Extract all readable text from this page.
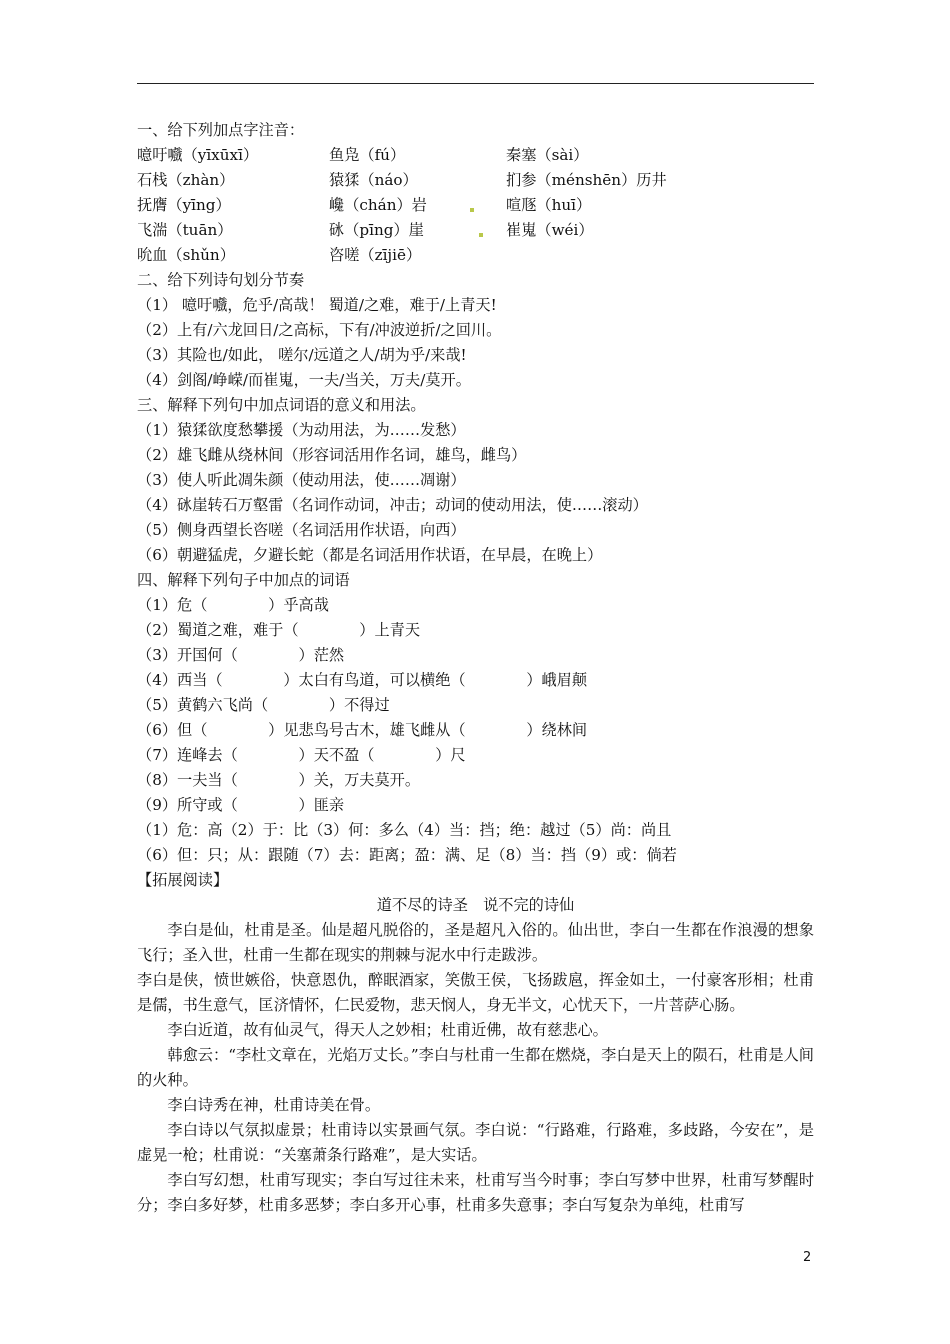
一、给下列加点字注音：
噫吁嚱（yīxūxī）	鱼凫（fú）	秦塞（sài）
石栈（zhàn）	猿猱（náo）	扪参（ménshēn）历井
抚膺（yīng）	巉（chán）岩	喧豗（huī）
飞湍（tuān）	砯（pīng）崖	崔嵬（wéi）
吮血（shǔn）	咨嗟（zījiē）
二、给下列诗句划分节奏
（1） 噫吁嚱，危乎/高哉！ 蜀道/之难，难于/上青天!
（2）上有/六龙回日/之高标，下有/冲波逆折/之回川。
（3）其险也/如此， 嗟尔/远道之人/胡为乎/来哉!
（4）剑阁/峥嵘/而崔嵬，一夫/当关，万夫/莫开。
三、解释下列句中加点词语的意义和用法。
（1）猿猱欲度愁攀援（为动用法，为……发愁）
（2）雄飞雌从绕林间（形容词活用作名词，雄鸟，雌鸟）
（3）使人听此凋朱颜（使动用法，使……凋谢）
（4）砯崖转石万壑雷（名词作动词，冲击；动词的使动用法，使……滚动）
（5）侧身西望长咨嗟（名词活用作状语，向西）
（6）朝避猛虎，夕避长蛇（都是名词活用作状语，在早晨，在晚上）
四、解释下列句子中加点的词语
（1）危（　　　　）乎高哉
（2）蜀道之难，难于（　　　　）上青天
（3）开国何（　　　　）茫然
（4）西当（　　　　）太白有鸟道，可以横绝（　　　　）峨眉颠
（5）黄鹤六飞尚（　　　　）不得过
（6）但（　　　　）见悲鸟号古木，雄飞雌从（　　　　）绕林间
（7）连峰去（　　　　）天不盈（　　　　）尺
（8）一夫当（　　　　）关，万夫莫开。
（9）所守或（　　　　）匪亲
（1）危：高（2）于：比（3）何：多么（4）当：挡；绝：越过（5）尚：尚且
（6）但：只；从：跟随（7）去：距离；盈：满、足（8）当：挡（9）或：倘若
【拓展阅读】
道不尽的诗圣　说不完的诗仙
李白是仙，杜甫是圣。仙是超凡脱俗的，圣是超凡入俗的。仙出世，李白一生都在作浪漫的想象飞行；圣入世，杜甫一生都在现实的荆棘与泥水中行走跋涉。
李白是侠，愤世嫉俗，快意恩仇，醉眠酒家，笑傲王侯，飞扬跋扈，挥金如土，一付豪客形相；杜甫是儒，书生意气，匡济情怀，仁民爱物，悲天悯人，身无半文，心忧天下，一片菩萨心肠。
李白近道，故有仙灵气，得天人之妙相；杜甫近佛，故有慈悲心。
韩愈云：“李杜文章在，光焰万丈长。”李白与杜甫一生都在燃烧，李白是天上的陨石，杜甫是人间的火种。
李白诗秀在神，杜甫诗美在骨。
李白诗以气氛拟虚景；杜甫诗以实景画气氛。李白说：“行路难，行路难，多歧路，今安在”，是虚晃一枪；杜甫说：“关塞萧条行路难”，是大实话。
李白写幻想，杜甫写现实；李白写过往未来，杜甫写当今时事；李白写梦中世界，杜甫写梦醒时分；李白多好梦，杜甫多恶梦；李白多开心事，杜甫多失意事；李白写复杂为单纯，杜甫写
2
